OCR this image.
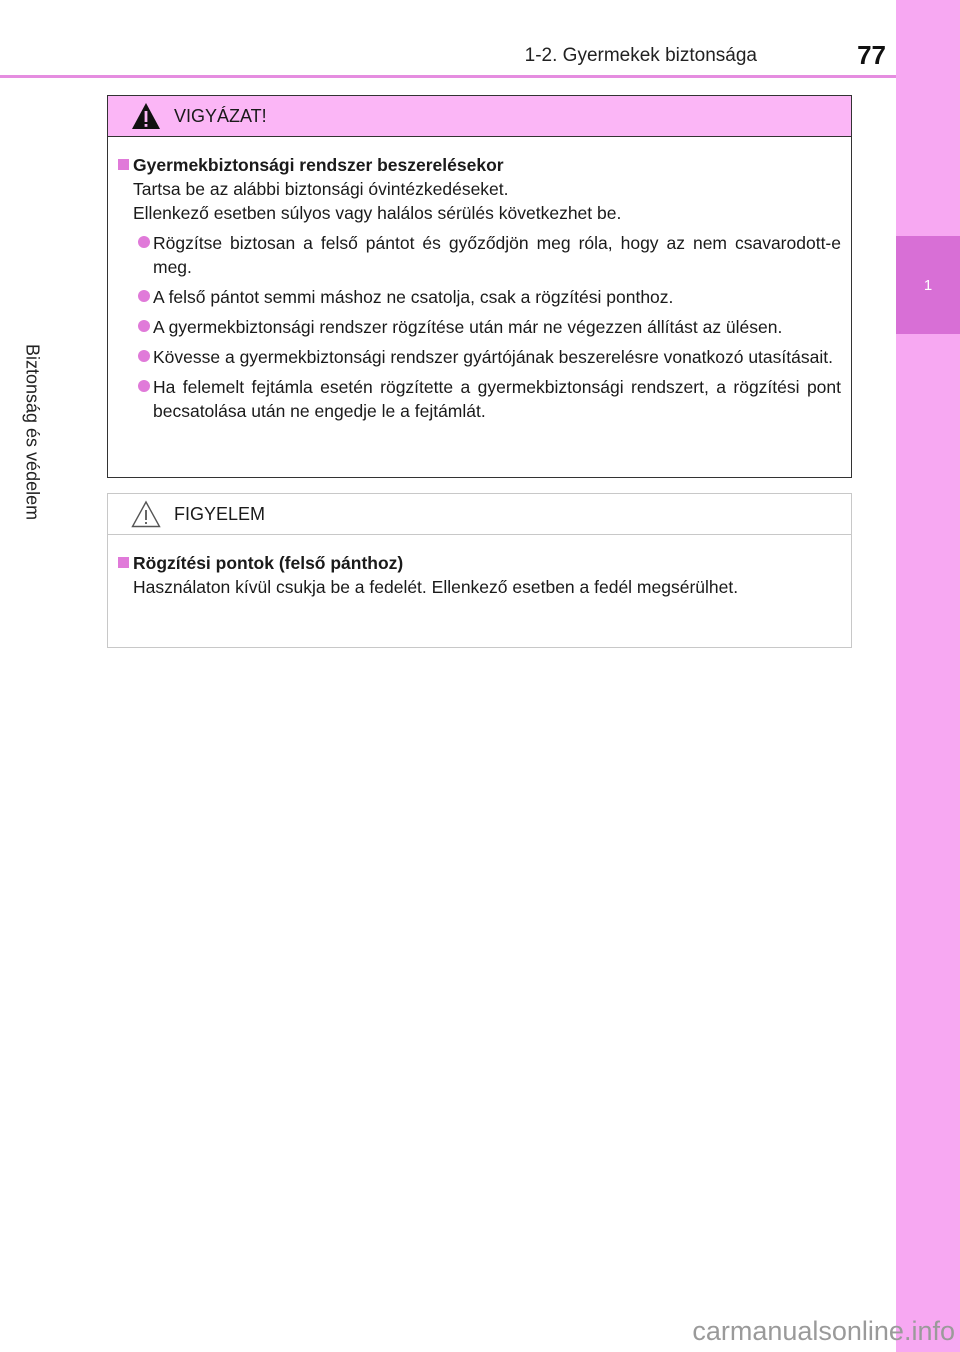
1
Biztonság és védelem
1-2. Gyermekek biztonsága	77
VIGYÁZAT!
Gyermekbiztonsági rendszer beszerelésekor
Tartsa be az alábbi biztonsági óvintézkedéseket.
Ellenkező esetben súlyos vagy halálos sérülés következhet be.
Rögzítse biztosan a felső pántot és győződjön meg róla, hogy az nem csavarodott-e meg.
A felső pántot semmi máshoz ne csatolja, csak a rögzítési ponthoz.
A gyermekbiztonsági rendszer rögzítése után már ne végezzen állítást az ülésen.
Kövesse a gyermekbiztonsági rendszer gyártójának beszerelésre vonatkozó utasításait.
Ha felemelt fejtámla esetén rögzítette a gyermekbiztonsági rendszert, a rögzítési pont becsatolása után ne engedje le a fejtámlát.
FIGYELEM
Rögzítési pontok (felső pánthoz)
Használaton kívül csukja be a fedelét. Ellenkező esetben a fedél megsérülhet.
carmanualsonline.info
